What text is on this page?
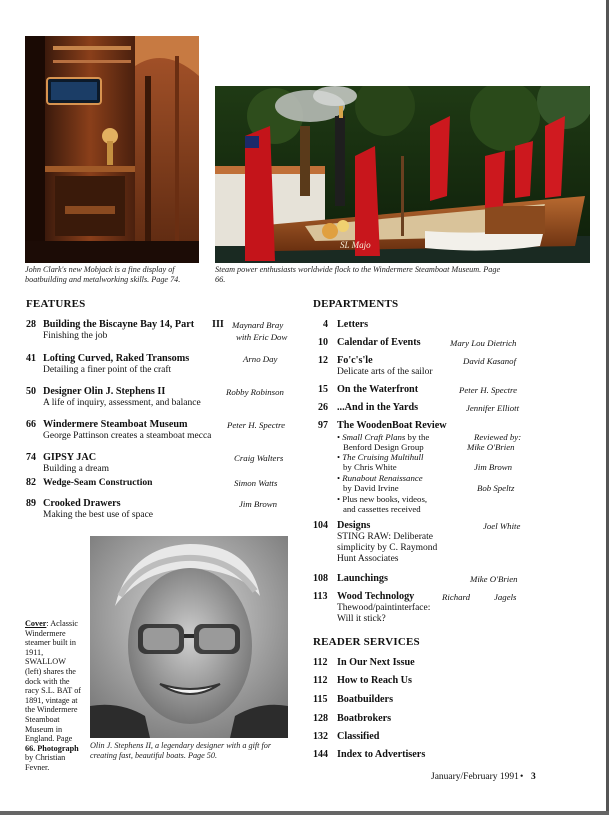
John Clark's new Mobjack is a fine display of boatbuilding and metalworking skills. Page 74.
SL Majo
Steam power enthusiasts worldwide flock to the Windermere Steamboat Museum. Page 66.
FEATURES
28 Building the Biscayne Bay 14, Part III
Finishing the job
Maynard Bray
with Eric Dow
41 Lofting Curved, Raked Transoms
Detailing a finer point of the craft
Arno Day
50 Designer Olin J. Stephens II
A life of inquiry, assessment, and balance
Robby Robinson
66 Windermere Steamboat Museum
George Pattinson creates a steamboat mecca
Peter H. Spectre
74 GIPSY JAC
Building a dream
Craig Walters
82 Wedge-Seam Construction	Simon Watts
89 Crooked Drawers
Making the best use of space
Jim Brown
Olin J. Stephens II, a legendary designer with a gift for creating fast, beautiful boats. Page 50.
Cover: Aclassic
Windermere
steamer built in
1911, SWALLOW
(left) shares the
dock with the
racy S.L. BAT of
1891, vintage at
the Windermere
Steamboat
Museum in
England. Page
66. Photograph
by Christian
Fevner.
DEPARTMENTS
4 Letters
10 Calendar of Events	Mary Lou Dietrich
12 Fo'c's'le
Delicate arts of the sailor
David Kasanof
15 On the Waterfront	Peter H. Spectre
26 ...And in the Yards	Jennifer Elliott
97 The WoodenBoat Review
• Small Craft Plans by the	Reviewed by:
Benford Design Group	Mike O'Brien
• The Cruising Multihull
by Chris White	Jim Brown
• Runabout Renaissance
by David Irvine	Bob Speltz
• Plus new books, videos,
and cassettes received
104 Designs	Joel White
STING RAW: Deliberate
simplicity by C. Raymond
Hunt Associates
108 Launchings	Mike O'Brien
113 Wood Technology	Richard	Jagels
Thewood/paintinterface:
Will it stick?
READER SERVICES
112 In Our Next Issue
112 How to Reach Us
115 Boatbuilders
128 Boatbrokers
132 Classified
144 Index to Advertisers
January/February 1991 • 3
